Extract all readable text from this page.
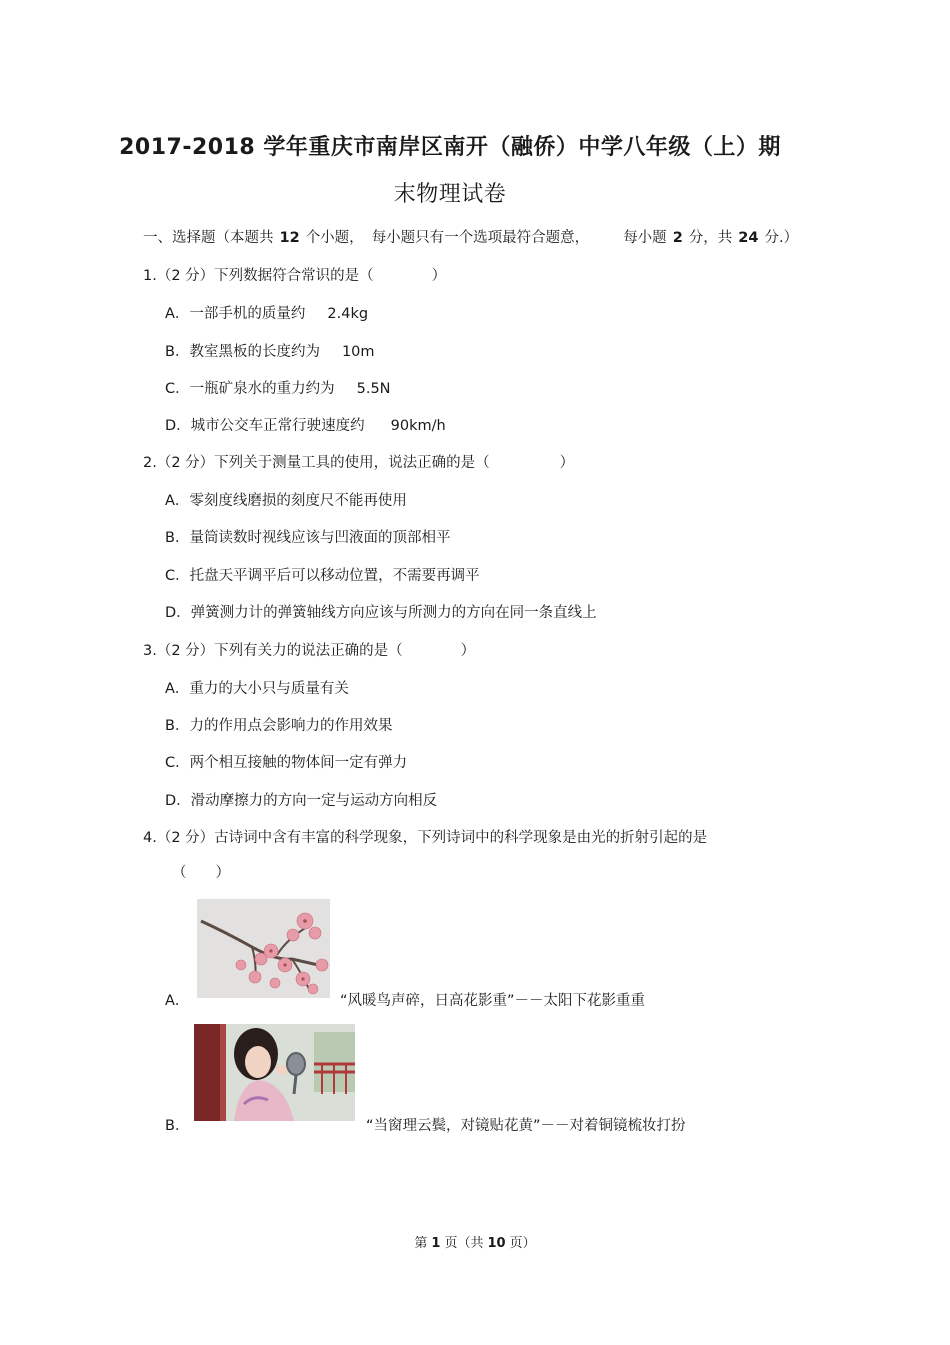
2017-2018 学年重庆市南岸区南开（融侨）中学八年级（上）期
末物理试卷
一、选择题（本题共 12 个小题， 每小题只有一个选项最符合题意， 每小题 2 分，共 24 分.）
1.（2 分）下列数据符合常识的是（	）
A．一部手机的质量约 2.4kg
B．教室黑板的长度约为 10m
C．一瓶矿泉水的重力约为 5.5N
D．城市公交车正常行驶速度约 90km/h
2.（2 分）下列关于测量工具的使用，说法正确的是（	）
A．零刻度线磨损的刻度尺不能再使用
B．量筒读数时视线应该与凹液面的顶部相平
C．托盘天平调平后可以移动位置，不需要再调平
D．弹簧测力计的弹簧轴线方向应该与所测力的方向在同一条直线上
3.（2 分）下列有关力的说法正确的是（	）
A．重力的大小只与质量有关
B．力的作用点会影响力的作用效果
C．两个相互接触的物体间一定有弹力
D．滑动摩擦力的方向一定与运动方向相反
4.（2 分）古诗词中含有丰富的科学现象，下列诗词中的科学现象是由光的折射引起的是
（　　）
A．	“风暖鸟声碎，日高花影重”－－太阳下花影重重
B．	“当窗理云鬓，对镜贴花黄”－－对着铜镜梳妆打扮
第 1 页（共 10 页）
